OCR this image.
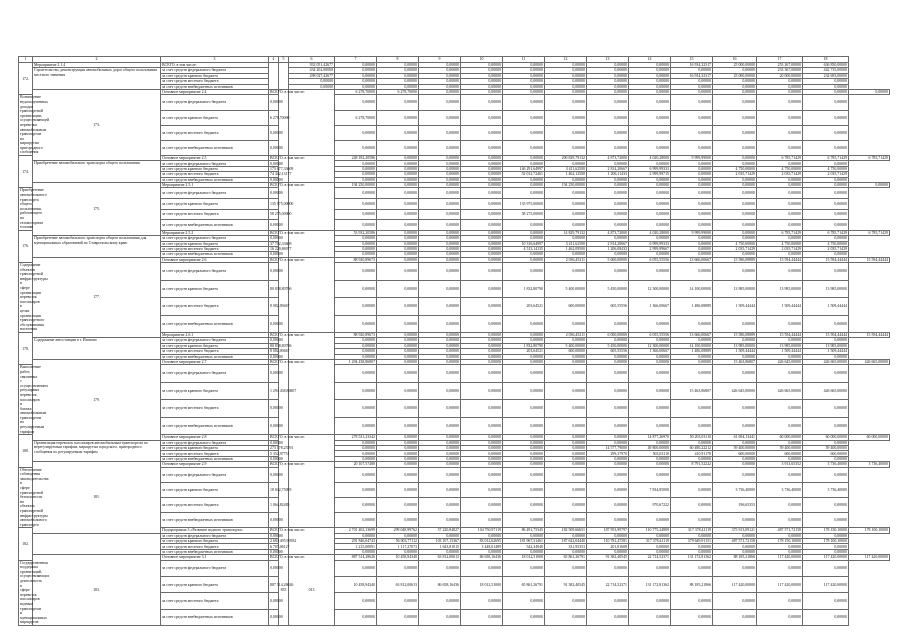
1	2	3	4	5	6	7	8	9	10	11	12	13	14	15	16	17	18	
172.	Мероприятие 2.1.4	ВСЕГО, в том числе:			932 051,42677	0,00000	0,00000	0,00000	0,00000	0,00000	0,00000	0,00000	0,00000	16 934,32317	25 000,00000	253 267,00000	636 850,00000	
	Строительство, реконструкция автомобильных дорог общего пользования местного значения	за счет средств федерального бюджета			434 202,00000	0,00000	0,00000	0,00000	0,00000	0,00000	0,00000	0,00000	0,00000	0,00000	0,00000	233 367,00000	442 735,00000	
		за счет средств краевого бюджета			298 027,42677	0,00000	0,00000	0,00000	0,00000	0,00000	0,00000	0,00000	0,00000	16 934,32317	25 000,00000	20 000,00000	234 693,00000	
		за счет средств местного бюджета			0,00000	0,00000	0,00000	0,00000	0,00000	0,00000	0,00000	0,00000	0,00000	0,00000	0,00000	0,00000	0,00000	
		за счет средств внебюджетных источников			0,00000	0,00000	0,00000	0,00000	0,00000	0,00000	0,00000	0,00000	0,00000	0,00000	0,00000	0,00000	0,00000	
	173.	Основное мероприятие 2.4	ВСЕГО, в том числе:			6 278,70000	6 278,70000	0,00000	0,00000	0,00000	0,00000	0,00000	0,00000	0,00000	0,00000	0,00000	0,00000	0,00000
Возмещение недополученных доходов транспортной организации, осуществляющей перевозки автомобильным транспортом по маршрутам пригородного сообщения		за счет средств федерального бюджета	0,00000			0,00000	0,00000	0,00000	0,00000	0,00000	0,00000	0,00000	0,00000	0,00000	0,00000	0,00000	0,00000	
		за счет средств краевого бюджета	6 278,70000			6 278,70000	0,00000	0,00000	0,00000	0,00000	0,00000	0,00000	0,00000	0,00000	0,00000	0,00000	0,00000	
		за счет средств местного бюджета	0,00000			0,00000	0,00000	0,00000	0,00000	0,00000	0,00000	0,00000	0,00000	0,00000	0,00000	0,00000	0,00000	
		за счет средств внебюджетных источников	0,00000			0,00000	0,00000	0,00000	0,00000	0,00000	0,00000	0,00000	0,00000	0,00000	0,00000	0,00000	0,00000	
174.		Основное мероприятие 2.5	ВСЕГО, в том числе:			248 182,20586	0,00000	0,00000	0,00000	0,00000	200 829,79132	4 873,72000	4 020,28000	9 999,99000	0,00000	6 785,71429	6 785,71429	6 785,71429
	Приобретение автомобильного транспорта общего пользования	за счет средств федерального бюджета	0,00000			0,00000	0,00000	0,00000	0,00000	0,00000	0,00000	0,00000	0,00000	0,00000	0,00000	0,00000	0,00000	
		за счет средств краевого бюджета	173 677,33609			0,00000	0,00000	0,00000	0,00000	146 291,64997	3 411,62500	2 814,20667	6 999,99333	0,00000	4 750,00000	4 750,00000	4 750,00000	
		за счет средств местного бюджета	74 442,13177			0,00000	0,00000	0,00000	0,00000	52 012,72461	1 462,12500	1 206,11433	2 999,99715	0,00000	2 035,71429	2 035,71429	2 035,71429	
		за счет средств внебюджетных источников	0,00000			0,00000	0,00000	0,00000	0,00000	0,00000	0,00000	0,00000	0,00000	0,00000	0,00000	0,00000	0,00000	
	175.	Мероприятие 2.5.1	ВСЕГО, в том числе:			194 250,00000	0,00000	0,00000	0,00000	0,00000	194 250,00000	0,00000	0,00000	0,00000	0,00000	0,00000	0,00000	0,00000
Приобретение автомобильного транспорта общего пользования, работающего на газомоторном топливе		за счет средств федерального бюджета	0,00000			0,00000	0,00000	0,00000	0,00000	0,00000	0,00000	0,00000	0,00000	0,00000	0,00000	0,00000	0,00000	
		за счет средств краевого бюджета	135 975,00000			0,00000	0,00000	0,00000	0,00000	135 975,00000	0,00000	0,00000	0,00000	0,00000	0,00000	0,00000	0,00000	
		за счет средств местного бюджета	58 275,00000			0,00000	0,00000	0,00000	0,00000	58 275,00000	0,00000	0,00000	0,00000	0,00000	0,00000	0,00000	0,00000	
		за счет средств внебюджетных источников	0,00000			0,00000	0,00000	0,00000	0,00000	0,00000	0,00000	0,00000	0,00000	0,00000	0,00000	0,00000	0,00000	
176.		Мероприятие 2.5.2	ВСЕГО, в том числе:			53 932,20586	0,00000	0,00000	0,00000	0,00000	14 829,79132	4 873,72000	4 020,28000	9 999,99000	0,00000	6 785,71429	6 785,71429	6 785,71429
	Приобретение автомобильного транспорта общего пользования для муниципальных образований по Ставропольскому краю	за счет средств федерального бюджета	0,00000			0,00000	0,00000	0,00000	0,00000	0,00000	0,00000	0,00000	0,00000	0,00000	0,00000	0,00000	0,00000	
		за счет средств краевого бюджета	37 702,33609			0,00000	0,00000	0,00000	0,00000	10 316,64997	3 411,62500	2 814,20667	6 999,99333	0,00000	4 750,00000	4 750,00000	4 750,00000	
		за счет средств местного бюджета	16 229,86977			0,00000	0,00000	0,00000	0,00000	4 513,14135	1 462,09500	1 206,08433	2 999,99667	0,00000	2 035,71429	2 035,71429	2 035,71429	
		за счет средств внебюджетных источников	0,00000			0,00000	0,00000	0,00000	0,00000	0,00000	0,00000	0,00000	0,00000	0,00000	0,00000	0,00000	0,00000	
	177.	Основное мероприятие 2.6	ВСЕГО, в том числе:			88 920,89673	0,00000	0,00000	0,00000	0,00000	2 036,45211	5 600,00000	6 055,55556	13 666,00667	15 586,08889	15 594,44444	15 594,44444	15 594,44444
Содержание объектов транспортной инфраструктуры в сфере организации перевозок пассажиров в целях организации транспортного обслуживания населения		за счет средств федерального бюджета	0,00000			0,00000	0,00000	0,00000	0,00000	0,00000	0,00000	0,00000	0,00000	0,00000	0,00000	0,00000	0,00000	
		за счет средств краевого бюджета	80 838,80706			0,00000	0,00000	0,00000	0,00000	1 832,80790	5 400,00000	5 450,00000	12 300,00000	14 100,00000	13 985,00000	13 985,00000	13 985,00000	
		за счет средств местного бюджета	8 082,09467			0,00000	0,00000	0,00000	0,00000	203,64521	600,00000	605,55556	1 366,00667	1 486,08889	1 509,44444	1 509,44444	1 509,44444	
		за счет средств внебюджетных источников	0,00000			0,00000	0,00000	0,00000	0,00000	0,00000	0,00000	0,00000	0,00000	0,00000	0,00000	0,00000	0,00000	
178.		Мероприятие 2.6.1	ВСЕГО, в том числе:			88 920,89673	0,00000	0,00000	0,00000	0,00000	2 036,45211	6 000,00000	6 055,55556	13 666,00667	15 586,08889	15 594,44444	15 594,44444	15 594,44444
	Содержание автостанции в г. Ипатово	за счет средств федерального бюджета	0,00000			0,00000	0,00000	0,00000	0,00000	0,00000	0,00000	0,00000	0,00000	0,00000	0,00000	0,00000	0,00000	
		за счет средств краевого бюджета	80 838,80706			0,00000	0,00000	0,00000	0,00000	1 832,80790	5 400,00000	5 450,00000	12 300,00000	14 100,00000	13 985,00000	13 985,00000	13 985,00000	
		за счет средств местного бюджета	8 082,09467			0,00000	0,00000	0,00000	0,00000	203,64521	600,00000	605,55556	1 366,00667	1 486,08889	1 509,44444	1 509,44444	1 509,44444	
		за счет средств внебюджетных источников	0,00000			0,00000	0,00000	0,00000	0,00000	0,00000	0,00000	0,00000	0,00000	0,00000	0,00000	0,00000	0,00000	
	179.	Основное мероприятие 2.7	ВСЕГО, в том числе:			1 294 438,86807	0,00000	0,00000	0,00000	0,00000	0,00000	0,00000	0,00000	0,00000	15 463,86807	426 645,00000	426 665,00000	426 665,00000
Выполнение работ, связанных с осуществлением регулярных перевозок пассажиров и багажа автомобильным транспортом по регулируемым тарифам		за счет средств федерального бюджета	0,00000			0,00000	0,00000	0,00000	0,00000	0,00000	0,00000	0,00000	0,00000	0,00000	0,00000	0,00000	0,00000	
		за счет средств краевого бюджета	1 294 438,86807			0,00000	0,00000	0,00000	0,00000	0,00000	0,00000	0,00000	0,00000	15 463,86807	426 645,00000	426 665,00000	426 665,00000	
		за счет средств местного бюджета	0,00000			0,00000	0,00000	0,00000	0,00000	0,00000	0,00000	0,00000	0,00000	0,00000	0,00000	0,00000	0,00000	
		за счет средств внебюджетных источников	0,00000			0,00000	0,00000	0,00000	0,00000	0,00000	0,00000	0,00000	0,00000	0,00000	0,00000	0,00000	0,00000	
180.		Основное мероприятие 2.8	ВСЕГО, в том числе:			278 531,23342	0,00000	0,00000	0,00000	0,00000	0,00000	0,00000	14 877,26970	50 203,03110	61 694,13441	60 000,00000	60 000,00000	60 000,00000
	Организация перевозок пассажиров автомобильным транспортом по нерегулируемым тарифам, маршрутам городского, пригородного сообщения по регулируемым тарифам	за счет средств федерального бюджета	0,00000			0,00000	0,00000	0,00000	0,00000	0,00000	0,00000	0,00000	0,00000	0,00000	0,00000	0,00000	0,00000	
		за счет средств краевого бюджета	273 178,25591			0,00000	0,00000	0,00000	0,00000	0,00000	0,00000	14 577,79000	49 800,00000	60 480,22212	59 400,00000	59 400,00000	59 400,00000	
		за счет средств местного бюджета	5 352,97751			0,00000	0,00000	0,00000	0,00000	0,00000	0,00000	299,37970	503,03110	410,91178	600,00000	600,00000	600,00000	
		за счет средств внебюджетных источников	0,00000			0,00000	0,00000	0,00000	0,00000	0,00000	0,00000	0,00000	0,00000	0,00000	0,00000	0,00000	0,00000	
	181.	Основное мероприятие 2.9	ВСЕГО, в том числе:			20 107,57480	0,00000	0,00000	0,00000	0,00000	0,00000	0,00000	0,00000	8 791,52222	0,00000	3 913,65352	3 736,40000	3 736,40000
Обеспечение соблюдения законодательства в сфере транспортной безопасности на объектах транспортной инфраструктуры автомобильного транспорта		за счет средств федерального бюджета	0,00000			0,00000	0,00000	0,00000	0,00000	0,00000	0,00000	0,00000	0,00000	0,00000	0,00000	0,00000	0,00000	
		за счет средств краевого бюджета	18 042,75095			0,00000	0,00000	0,00000	0,00000	0,00000	0,00000	0,00000	7 834,85000	0,00000	3 736,40000	3 736,40000	3 736,40000	
		за счет средств местного бюджета	1 064,82485			0,00000	0,00000	0,00000	0,00000	0,00000	0,00000	0,00000	970,67222	0,00000	196,65353	0,00000	0,00000	
		за счет средств внебюджетных источников	0,00000			0,00000	0,00000	0,00000	0,00000	0,00000	0,00000	0,00000	0,00000	0,00000	0,00000	0,00000	0,00000	
182.		Подпрограмма 3 «Развитие водного транспорта»	ВСЕГО, в том числе:			2 701 402,13699	299 048,99762	57 220,84827	104 750,97119	86 491,75345	182 509,66651	187 953,99797	110 775,24809	317 378,41119	375 913,09121	487 571,72158	178 150,10000	178 100,10000
		за счет средств федерального бюджета	0,00000			0,00000	0,00000	0,00000	0,00000	0,00000	0,00000	0,00000	0,00000	0,00000	0,00000	0,00000	0,00000	
		за счет средств краевого бюджета	2 694 495,99582			291 846,04743	56 003,77112	103 107,15367	83 012,62695	181 967,31461	187 622,04440	110 781,47581	317 378,41119	379 649,91151	487 571,72158	178 150,10000	178 100,10000	
		за счет средств местного бюджета	6 707,06127			1 215,00091	1 117,27073	1 643,81015	3 448,01489	542,34940	331,95353	201,81608	0,00000	0,00000	0,00000	0,00000	0,00000	
		за счет средств внебюджетных источников	0,00000			0,00000	0,00000	0,00000	0,00000	0,00000	0,00000	0,00000	0,00000	0,00000	0,00000	0,00000	0,00000	
	183.	Основное мероприятие 3.1	ВСЕГО, в том числе:	835	013	887 514,28626	10 458,94340	63 812,00613	86 658,16436	18 012,51000	65 861,26791	91 382,40545	22 714,52371	131 172,81362	88 185,21866	117 420,00000	117 420,00000	117 420,00000
Государственная поддержка организаций, осуществляющих деятельность в сфере перевозок пассажиров водным транспортом и муниципальных маршрутов		за счет средств федерального бюджета	0,00000			0,00000	0,00000	0,00000	0,00000	0,00000	0,00000	0,00000	0,00000	0,00000	0,00000	0,00000	0,00000	
		за счет средств краевого бюджета	887 514,28626			10 458,94340	63 812,00613	86 658,16436	18 012,51000	65 861,26791	91 382,40545	22 714,52371	131 172,81362	88 185,21866	117 420,00000	117 420,00000	117 420,00000	
		за счет средств местного бюджета	0,00000			0,00000	0,00000	0,00000	0,00000	0,00000	0,00000	0,00000	0,00000	0,00000	0,00000	0,00000	0,00000	
		за счет средств внебюджетных источников	0,00000			0,00000	0,00000	0,00000	0,00000	0,00000	0,00000	0,00000	0,00000	0,00000	0,00000	0,00000	0,00000	
